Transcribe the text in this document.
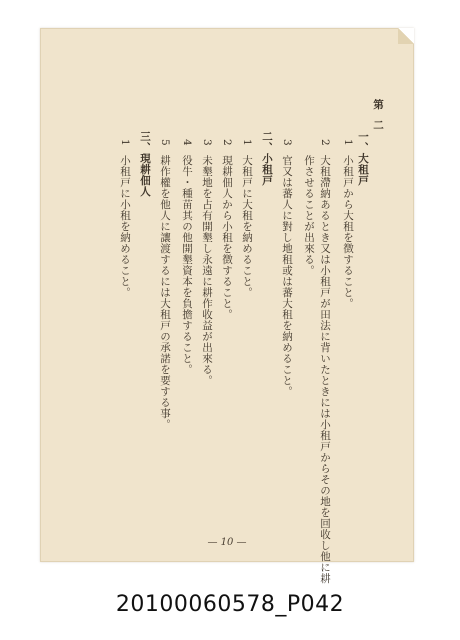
第二
一、大租戸
1
小租戸から大租を徴すること。
2
大租滯納あるとき又は小租戸が田法に背いたときには小租戸からその地を回收し他に耕
作させることが出來る。
3
官又は蕃人に對し地租或は蕃大租を納めること。
二、小租戸
1
大租戸に大租を納めること。
2
現耕佃人から小租を徴すること。
3
未墾地を占有開墾し永遠に耕作收益が出來る。
4
役牛・種苗其の他開墾資本を負擔すること。
5
耕作權を他人に讓渡するには大租戸の承諾を要する事。
三、現耕佃人
1
小租戸に小租を納めること。
— 10 —
20100060578_P042
